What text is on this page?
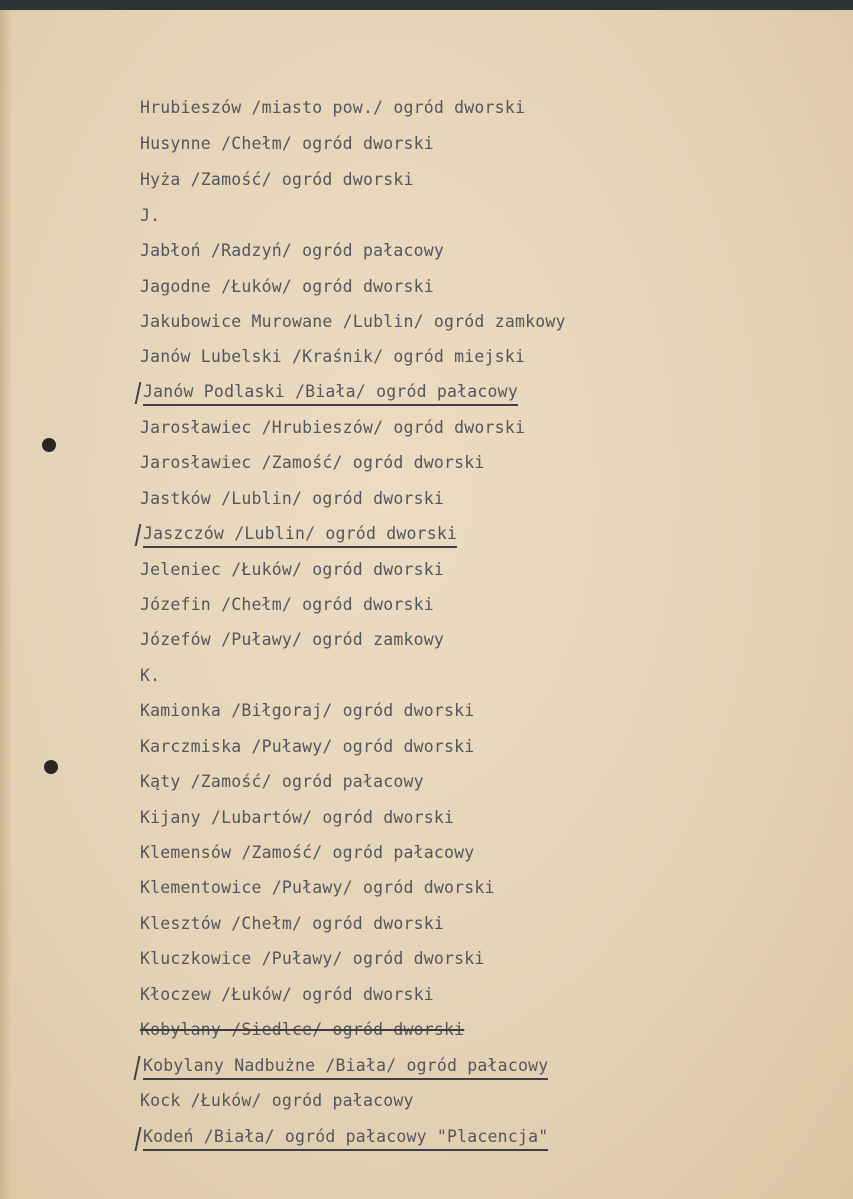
Hrubieszów /miasto pow./ ogród dworski
Husynne /Chełm/ ogród dworski
Hyża /Zamość/ ogród dworski
J.
Jabłoń /Radzyń/ ogród pałacowy
Jagodne /Łuków/ ogród dworski
Jakubowice Murowane /Lublin/ ogród zamkowy
Janów Lubelski /Kraśnik/ ogród miejski
Janów Podlaski /Biała/ ogród pałacowy
Jarosławiec /Hrubieszów/ ogród dworski
Jarosławiec /Zamość/ ogród dworski
Jastków /Lublin/ ogród dworski
Jaszczów /Lublin/ ogród dworski
Jeleniec /Łuków/ ogród dworski
Józefin /Chełm/ ogród dworski
Józefów /Puławy/ ogród zamkowy
K.
Kamionka /Biłgoraj/ ogród dworski
Karczmiska /Puławy/ ogród dworski
Kąty /Zamość/ ogród pałacowy
Kijany /Lubartów/ ogród dworski
Klemensów /Zamość/ ogród pałacowy
Klementowice /Puławy/ ogród dworski
Klesztów /Chełm/ ogród dworski
Kluczkowice /Puławy/ ogród dworski
Kłoczew /Łuków/ ogród dworski
Kobylany /Siedlce/ ogród dworski
Kobylany Nadbużne /Biała/ ogród pałacowy
Kock /Łuków/ ogród pałacowy
Kodeń /Biała/ ogród pałacowy "Placencja"
